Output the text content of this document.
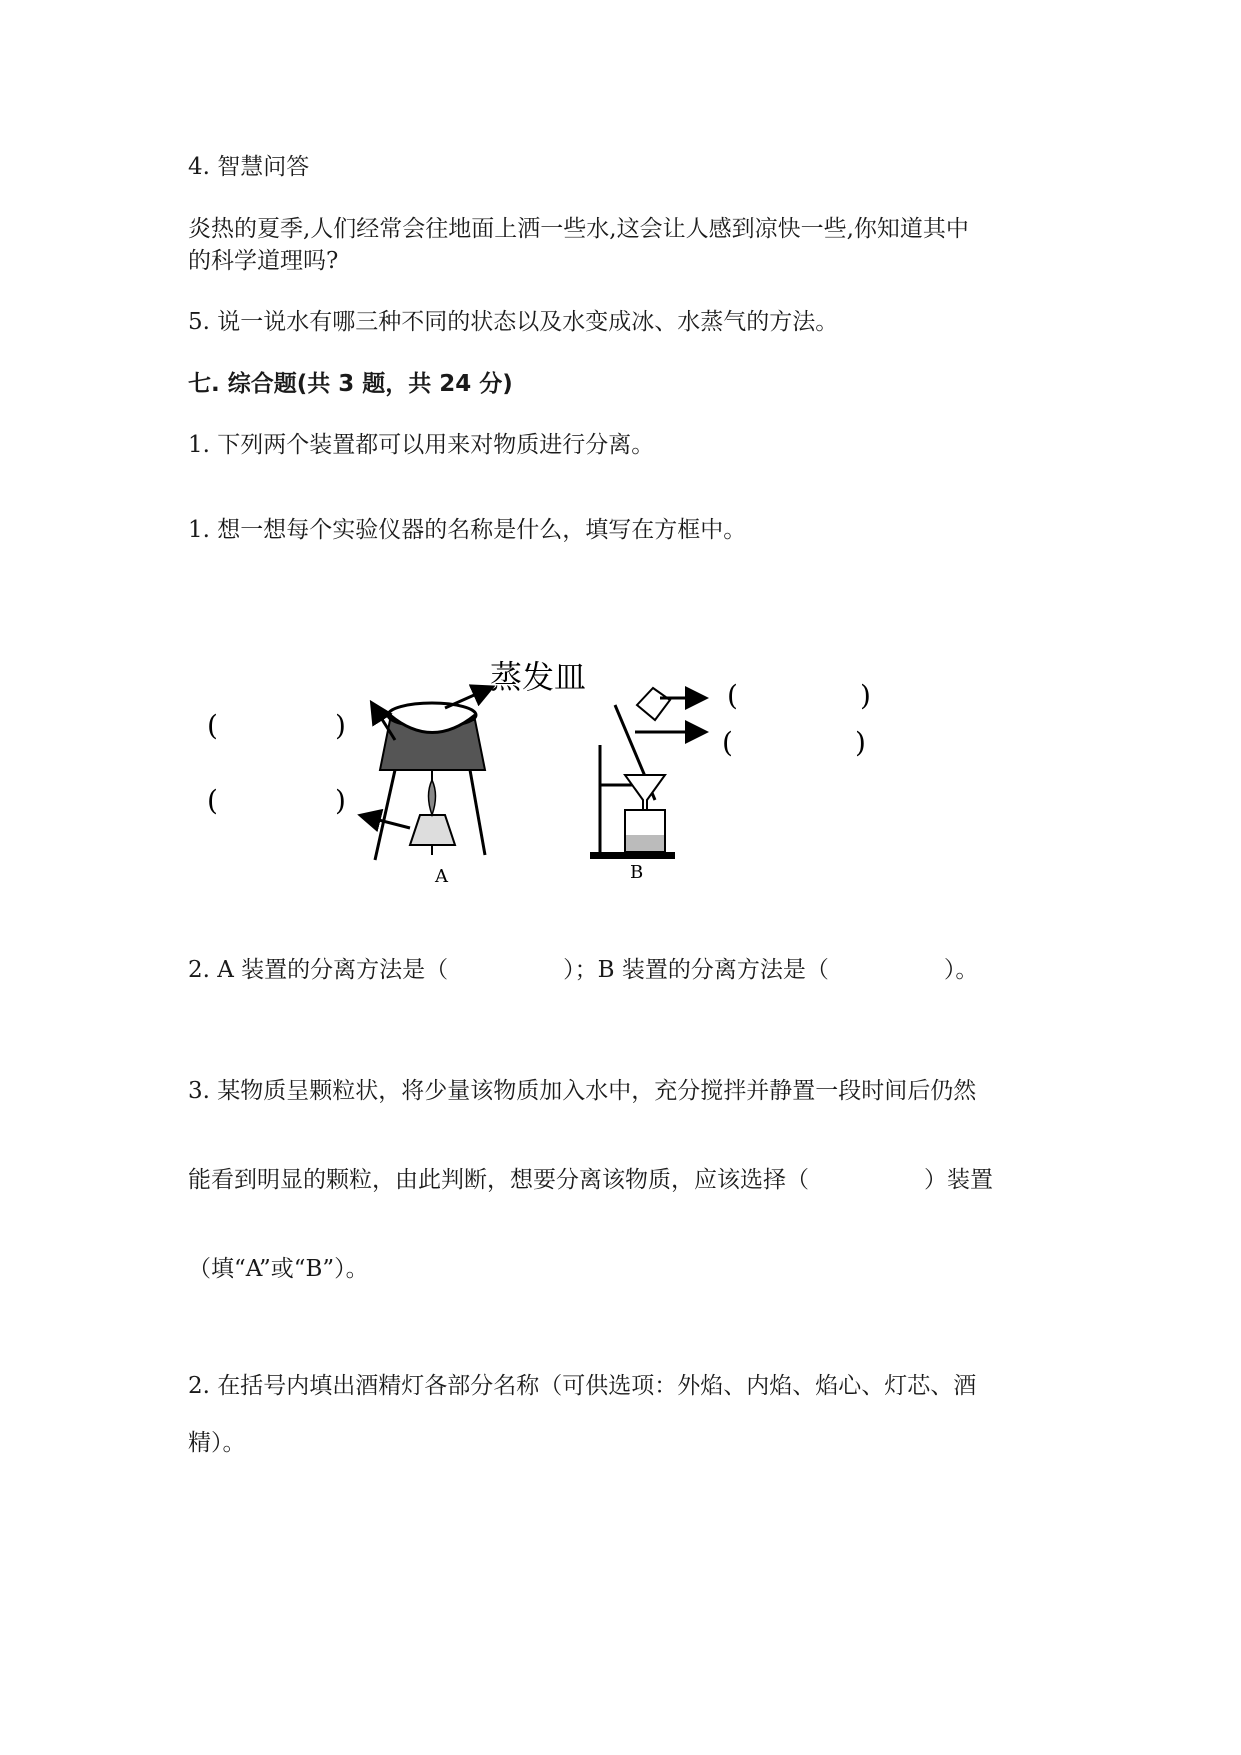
4. 智慧问答
炎热的夏季,人们经常会往地面上洒一些水,这会让人感到凉快一些,你知道其中
的科学道理吗?
5. 说一说水有哪三种不同的状态以及水变成冰、水蒸气的方法。
七. 综合题(共 3 题，共 24 分)
1. 下列两个装置都可以用来对物质进行分离。
1. 想一想每个实验仪器的名称是什么，填写在方框中。
蒸发皿
A
(	)
(	)
B
(	)
(	)
2. A 装置的分离方法是（　　　　　）；B 装置的分离方法是（　　　　　）。
3. 某物质呈颗粒状，将少量该物质加入水中，充分搅拌并静置一段时间后仍然
能看到明显的颗粒，由此判断，想要分离该物质，应该选择（　　　　　）装置
（填“A”或“B”）。
2. 在括号内填出酒精灯各部分名称（可供选项：外焰、内焰、焰心、灯芯、酒
精）。
